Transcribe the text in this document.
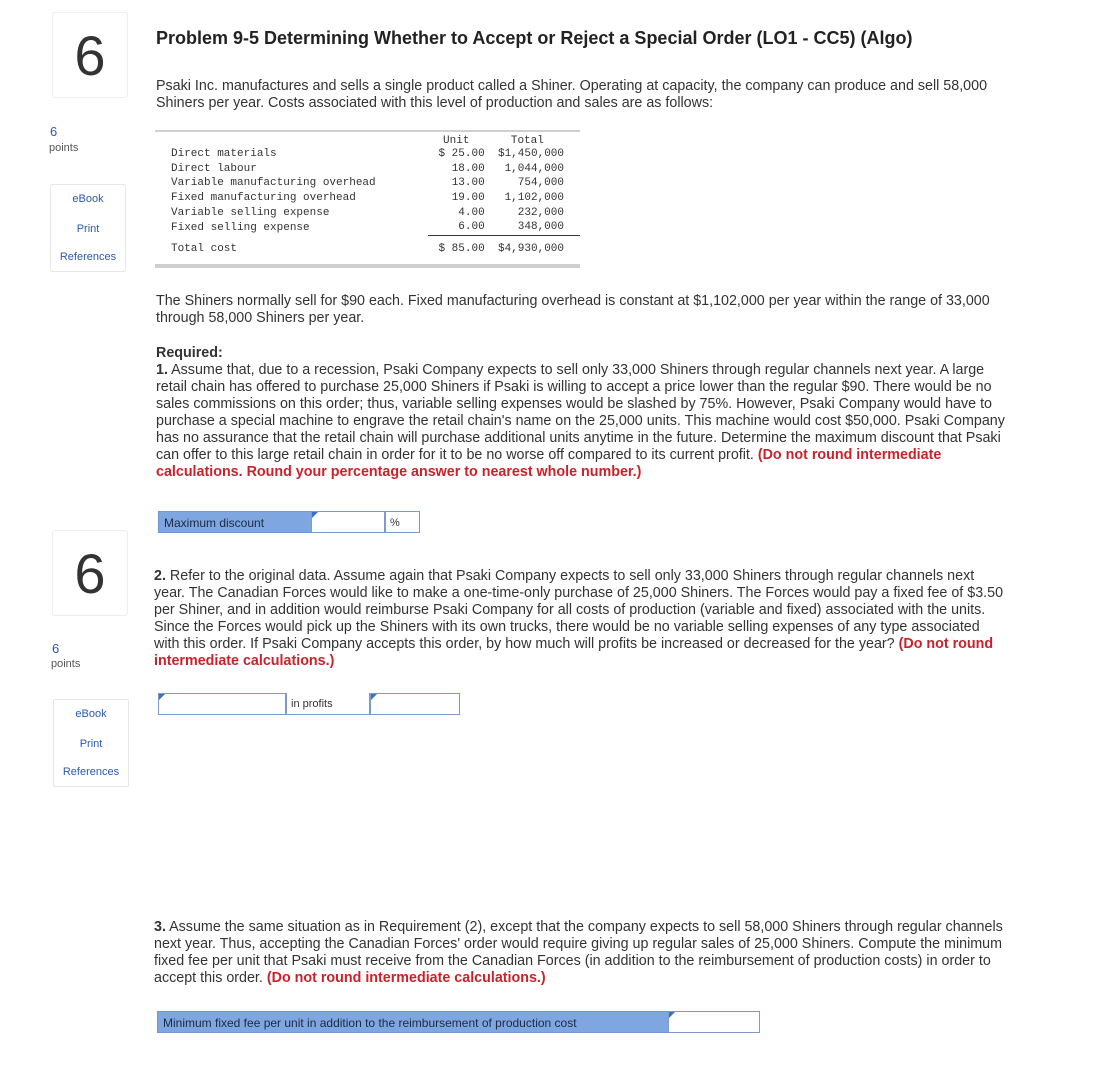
6
6
points
eBook
Print
References
6
6
points
eBook
Print
References
Problem 9-5 Determining Whether to Accept or Reject a Special Order (LO1 - CC5) (Algo)
Psaki Inc. manufactures and sells a single product called a Shiner. Operating at capacity, the company can produce and sell 58,000
Shiners per year. Costs associated with this level of production and sales are as follows:
	Unit	Total
Direct materials	$ 25.00	$1,450,000
Direct labour	18.00	1,044,000
Variable manufacturing overhead	13.00	754,000
Fixed manufacturing overhead	19.00	1,102,000
Variable selling expense	4.00	232,000
Fixed selling expense	6.00	348,000
Total cost	$ 85.00	$4,930,000
The Shiners normally sell for $90 each. Fixed manufacturing overhead is constant at $1,102,000 per year within the range of 33,000
through 58,000 Shiners per year.
Required:
1. Assume that, due to a recession, Psaki Company expects to sell only 33,000 Shiners through regular channels next year. A large
retail chain has offered to purchase 25,000 Shiners if Psaki is willing to accept a price lower than the regular $90. There would be no
sales commissions on this order; thus, variable selling expenses would be slashed by 75%. However, Psaki Company would have to
purchase a special machine to engrave the retail chain's name on the 25,000 units. This machine would cost $50,000. Psaki Company
has no assurance that the retail chain will purchase additional units anytime in the future. Determine the maximum discount that Psaki
can offer to this large retail chain in order for it to be no worse off compared to its current profit. (Do not round intermediate
calculations. Round your percentage answer to nearest whole number.)
Maximum discount	%
2. Refer to the original data. Assume again that Psaki Company expects to sell only 33,000 Shiners through regular channels next
year. The Canadian Forces would like to make a one-time-only purchase of 25,000 Shiners. The Forces would pay a fixed fee of $3.50
per Shiner, and in addition would reimburse Psaki Company for all costs of production (variable and fixed) associated with the units.
Since the Forces would pick up the Shiners with its own trucks, there would be no variable selling expenses of any type associated
with this order. If Psaki Company accepts this order, by how much will profits be increased or decreased for the year? (Do not round
intermediate calculations.)
in profits
3. Assume the same situation as in Requirement (2), except that the company expects to sell 58,000 Shiners through regular channels
next year. Thus, accepting the Canadian Forces' order would require giving up regular sales of 25,000 Shiners. Compute the minimum
fixed fee per unit that Psaki must receive from the Canadian Forces (in addition to the reimbursement of production costs) in order to
accept this order. (Do not round intermediate calculations.)
Minimum fixed fee per unit in addition to the reimbursement of production cost
